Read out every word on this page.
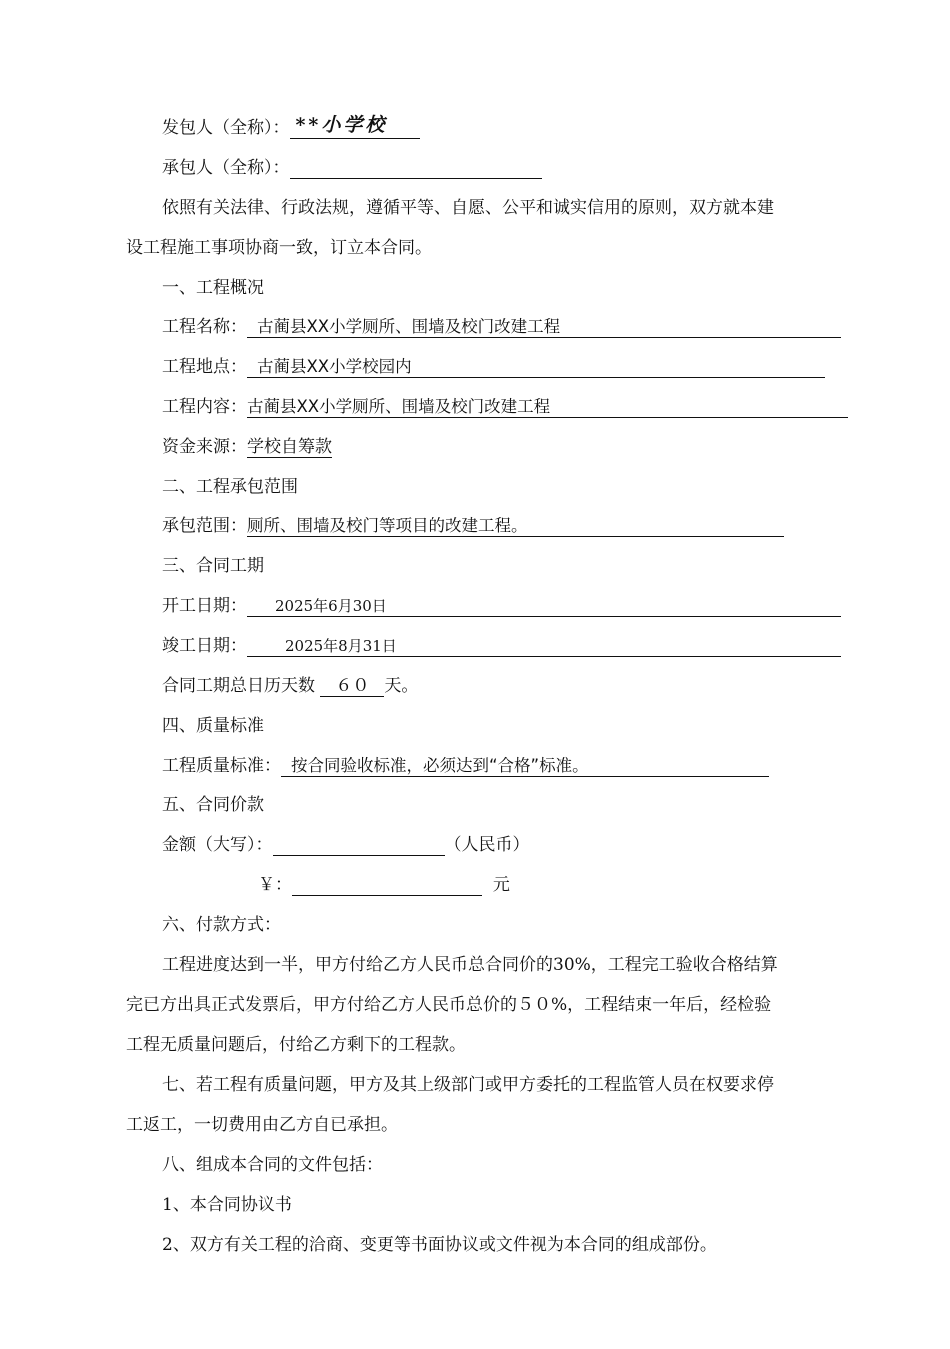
发包人（全称）： **小学校
承包人（全称）：
依照有关法律、行政法规，遵循平等、自愿、公平和诚实信用的原则，双方就本建
设工程施工事项协商一致，订立本合同。
一、工程概况
工程名称： 古蔺县XX小学厕所、围墙及校门改建工程
工程地点： 古蔺县XX小学校园内
工程内容：古蔺县XX小学厕所、围墙及校门改建工程
资金来源：学校自筹款
二、工程承包范围
承包范围：厕所、围墙及校门等项目的改建工程。
三、合同工期
开工日期： 2025年6月30日
竣工日期：	2025年8月31日
合同工期总日历天数 ６０ 天。
四、质量标准
工程质量标准： 按合同验收标准，必须达到“合格”标准。
五、合同价款
金额（大写）：	（人民币）
￥：	元
六、付款方式：
工程进度达到一半，甲方付给乙方人民币总合同价的30%，工程完工验收合格结算
完已方出具正式发票后，甲方付给乙方人民币总价的５０%，工程结束一年后，经检验
工程无质量问题后，付给乙方剩下的工程款。
七、若工程有质量问题，甲方及其上级部门或甲方委托的工程监管人员在权要求停
工返工，一切费用由乙方自已承担。
八、组成本合同的文件包括：
1、本合同协议书
2、双方有关工程的洽商、变更等书面协议或文件视为本合同的组成部份。
